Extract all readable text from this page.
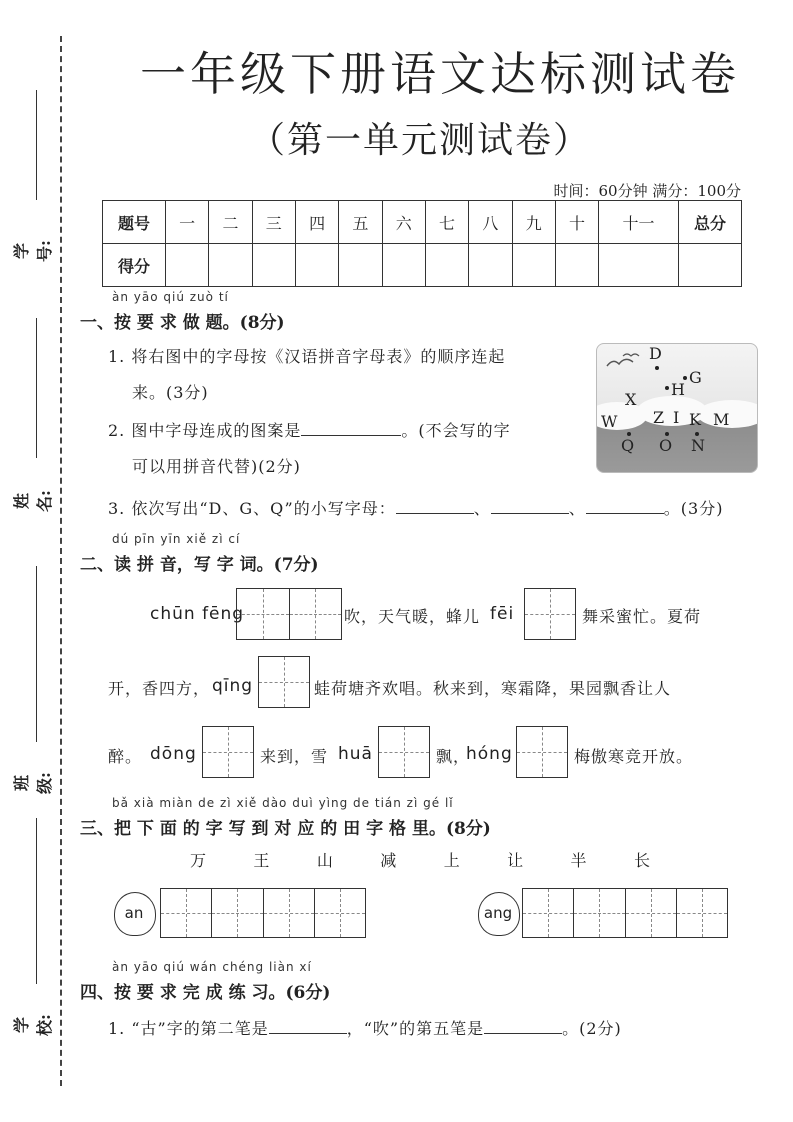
学号:
姓名:
班级:
学校:
一年级下册语文达标测试卷
（第一单元测试卷）
时间：60分钟 满分：100分
题号	一	二	三	四	五	六	七	八	九	十	十一	总分
得分												
àn yāo qiú zuò tí
一、按 要 求 做 题。(8分)
1. 将右图中的字母按《汉语拼音字母表》的顺序连起
来。(3分)
2. 图中字母连成的图案是	。(不会写的字
可以用拼音代替)(2分)
3. 依次写出“D、G、Q”的小写字母：	、	、	。(3分)
D
G
H
X
Z I K M
W
Q O N
dú pīn yīn xiě zì cí
二、读 拼 音，写 字 词。(7分)
chūn fēng	吹，天气暖，蜂儿 fēi	舞采蜜忙。夏荷
开，香四方， qīng	蛙荷塘齐欢唱。秋来到，寒霜降，果园飘香让人
醉。 dōng	来到，雪 huā	飘，
hóng	梅傲寒竞开放。
bǎ xià miàn de zì xiě dào duì yìng de tián zì gé lǐ
三、把 下 面 的 字 写 到 对 应 的 田 字 格 里。(8分)
万	王	山	减	上	让	半	长
an	ang
àn yāo qiú wán chéng liàn xí
四、按 要 求 完 成 练 习。(6分)
1. “古”字的第二笔是	，“吹”的第五笔是	。(2分)
